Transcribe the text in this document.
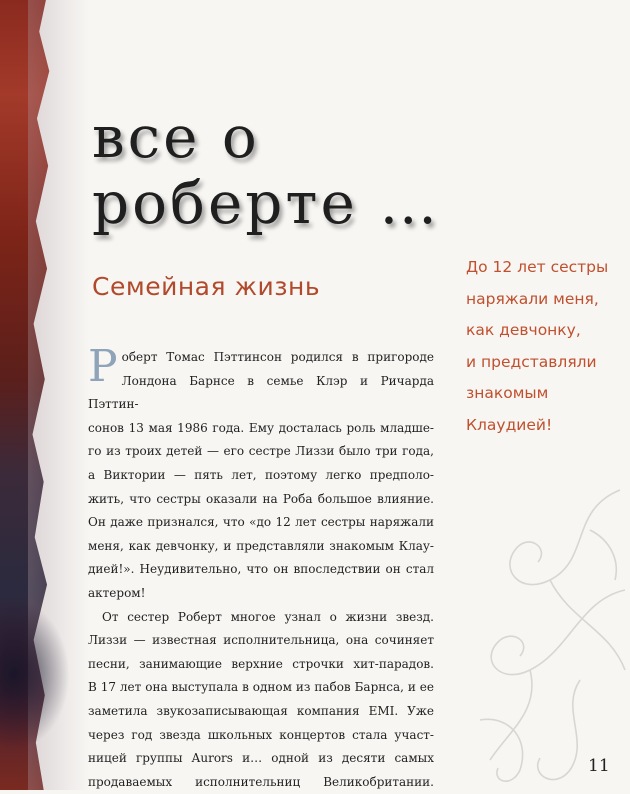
все о
роберте …
Семейная жизнь

До 12 лет сестры
наряжали меня,
как девчонку,
и представляли
знакомым
Клаудией!

Р оберт Томас Пэттинсон родился в пригороде
Лондона Барнсе в семье Клэр и Ричарда Пэттин-
сонов 13 мая 1986 года. Ему досталась роль младше-
го из троих детей — его сестре Лиззи было три года,
а Виктории — пять лет, поэтому легко предполо-
жить, что сестры оказали на Роба большое влияние.
Он даже признался, что «до 12 лет сестры наряжали
меня, как девчонку, и представляли знакомым Клау-
дией!». Неудивительно, что он впоследствии он стал
актером!

От сестер Роберт многое узнал о жизни звезд.
Лиззи — известная исполнительница, она сочиняет
песни, занимающие верхние строчки хит-парадов.
В 17 лет она выступала в одном из пабов Барнса, и ее
заметила звукозаписывающая компания EMI. Уже
через год звезда школьных концертов стала участ-
ницей группы Aurors и… одной из десяти самых
продаваемых исполнительниц Великобритании.

11
